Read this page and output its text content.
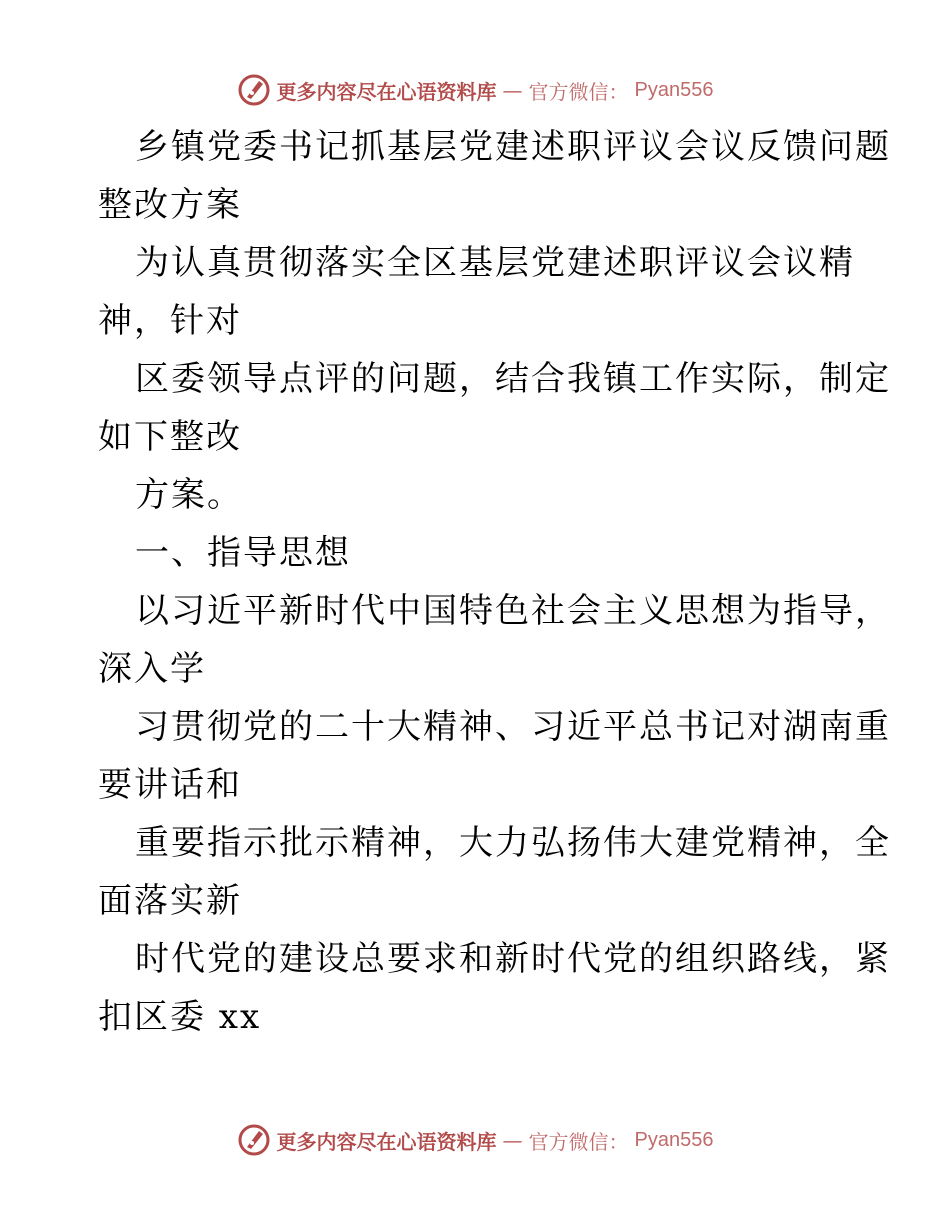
更多内容尽在心语资料库 — 官方微信： Pyan556
乡镇党委书记抓基层党建述职评议会议反馈问题
整改方案
为认真贯彻落实全区基层党建述职评议会议精
神，针对
区委领导点评的问题，结合我镇工作实际，制定
如下整改
方案。
一、指导思想
以习近平新时代中国特色社会主义思想为指导，
深入学
习贯彻党的二十大精神、习近平总书记对湖南重
要讲话和
重要指示批示精神，大力弘扬伟大建党精神，全
面落实新
时代党的建设总要求和新时代党的组织路线，紧
扣区委 xx
更多内容尽在心语资料库 — 官方微信： Pyan556
